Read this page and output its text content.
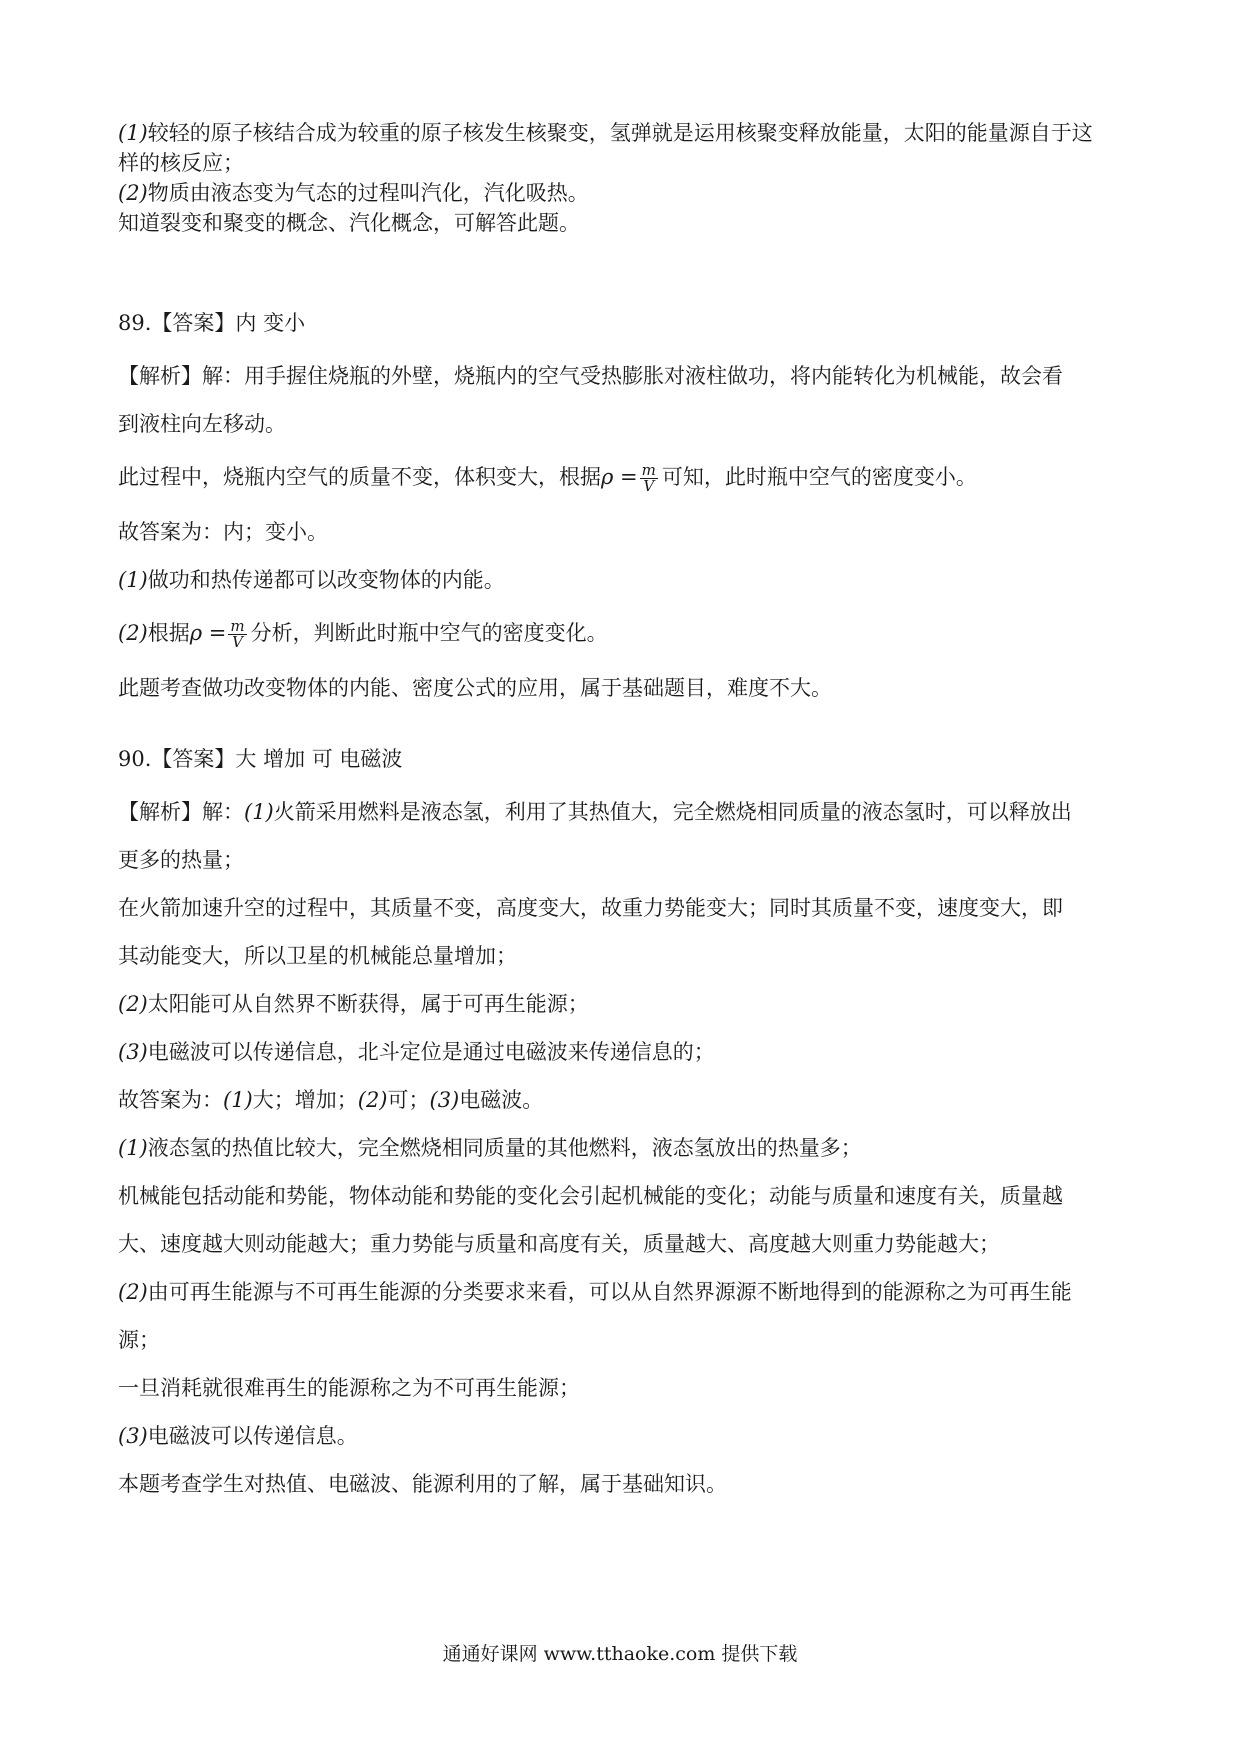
(1)较轻的原子核结合成为较重的原子核发生核聚变，氢弹就是运用核聚变释放能量，太阳的能量源自于这
样的核反应；
(2)物质由液态变为气态的过程叫汽化，汽化吸热。
知道裂变和聚变的概念、汽化概念，可解答此题。
89.【答案】内 变小
【解析】解：用手握住烧瓶的外壁，烧瓶内的空气受热膨胀对液柱做功，将内能转化为机械能，故会看
到液柱向左移动。
此过程中，烧瓶内空气的质量不变，体积变大，根据$\rho = \frac{m}{V}$ 可知，此时瓶中空气的密度变小。
故答案为：内；变小。
(1)做功和热传递都可以改变物体的内能。
(2)根据$\rho = \frac{m}{V}$ 分析，判断此时瓶中空气的密度变化。
此题考查做功改变物体的内能、密度公式的应用，属于基础题目，难度不大。
90.【答案】大 增加 可 电磁波
【解析】解：(1)火箭采用燃料是液态氢，利用了其热值大，完全燃烧相同质量的液态氢时，可以释放出
更多的热量；
在火箭加速升空的过程中，其质量不变，高度变大，故重力势能变大；同时其质量不变，速度变大，即
其动能变大，所以卫星的机械能总量增加；
(2)太阳能可从自然界不断获得，属于可再生能源；
(3)电磁波可以传递信息，北斗定位是通过电磁波来传递信息的；
故答案为：(1)大；增加；(2)可；(3)电磁波。
(1)液态氢的热值比较大，完全燃烧相同质量的其他燃料，液态氢放出的热量多；
机械能包括动能和势能，物体动能和势能的变化会引起机械能的变化；动能与质量和速度有关，质量越
大、速度越大则动能越大；重力势能与质量和高度有关，质量越大、高度越大则重力势能越大；
(2)由可再生能源与不可再生能源的分类要求来看，可以从自然界源源不断地得到的能源称之为可再生能
源；
一旦消耗就很难再生的能源称之为不可再生能源；
(3)电磁波可以传递信息。
本题考查学生对热值、电磁波、能源利用的了解，属于基础知识。
通通好课网 www.tthaoke.com 提供下载
